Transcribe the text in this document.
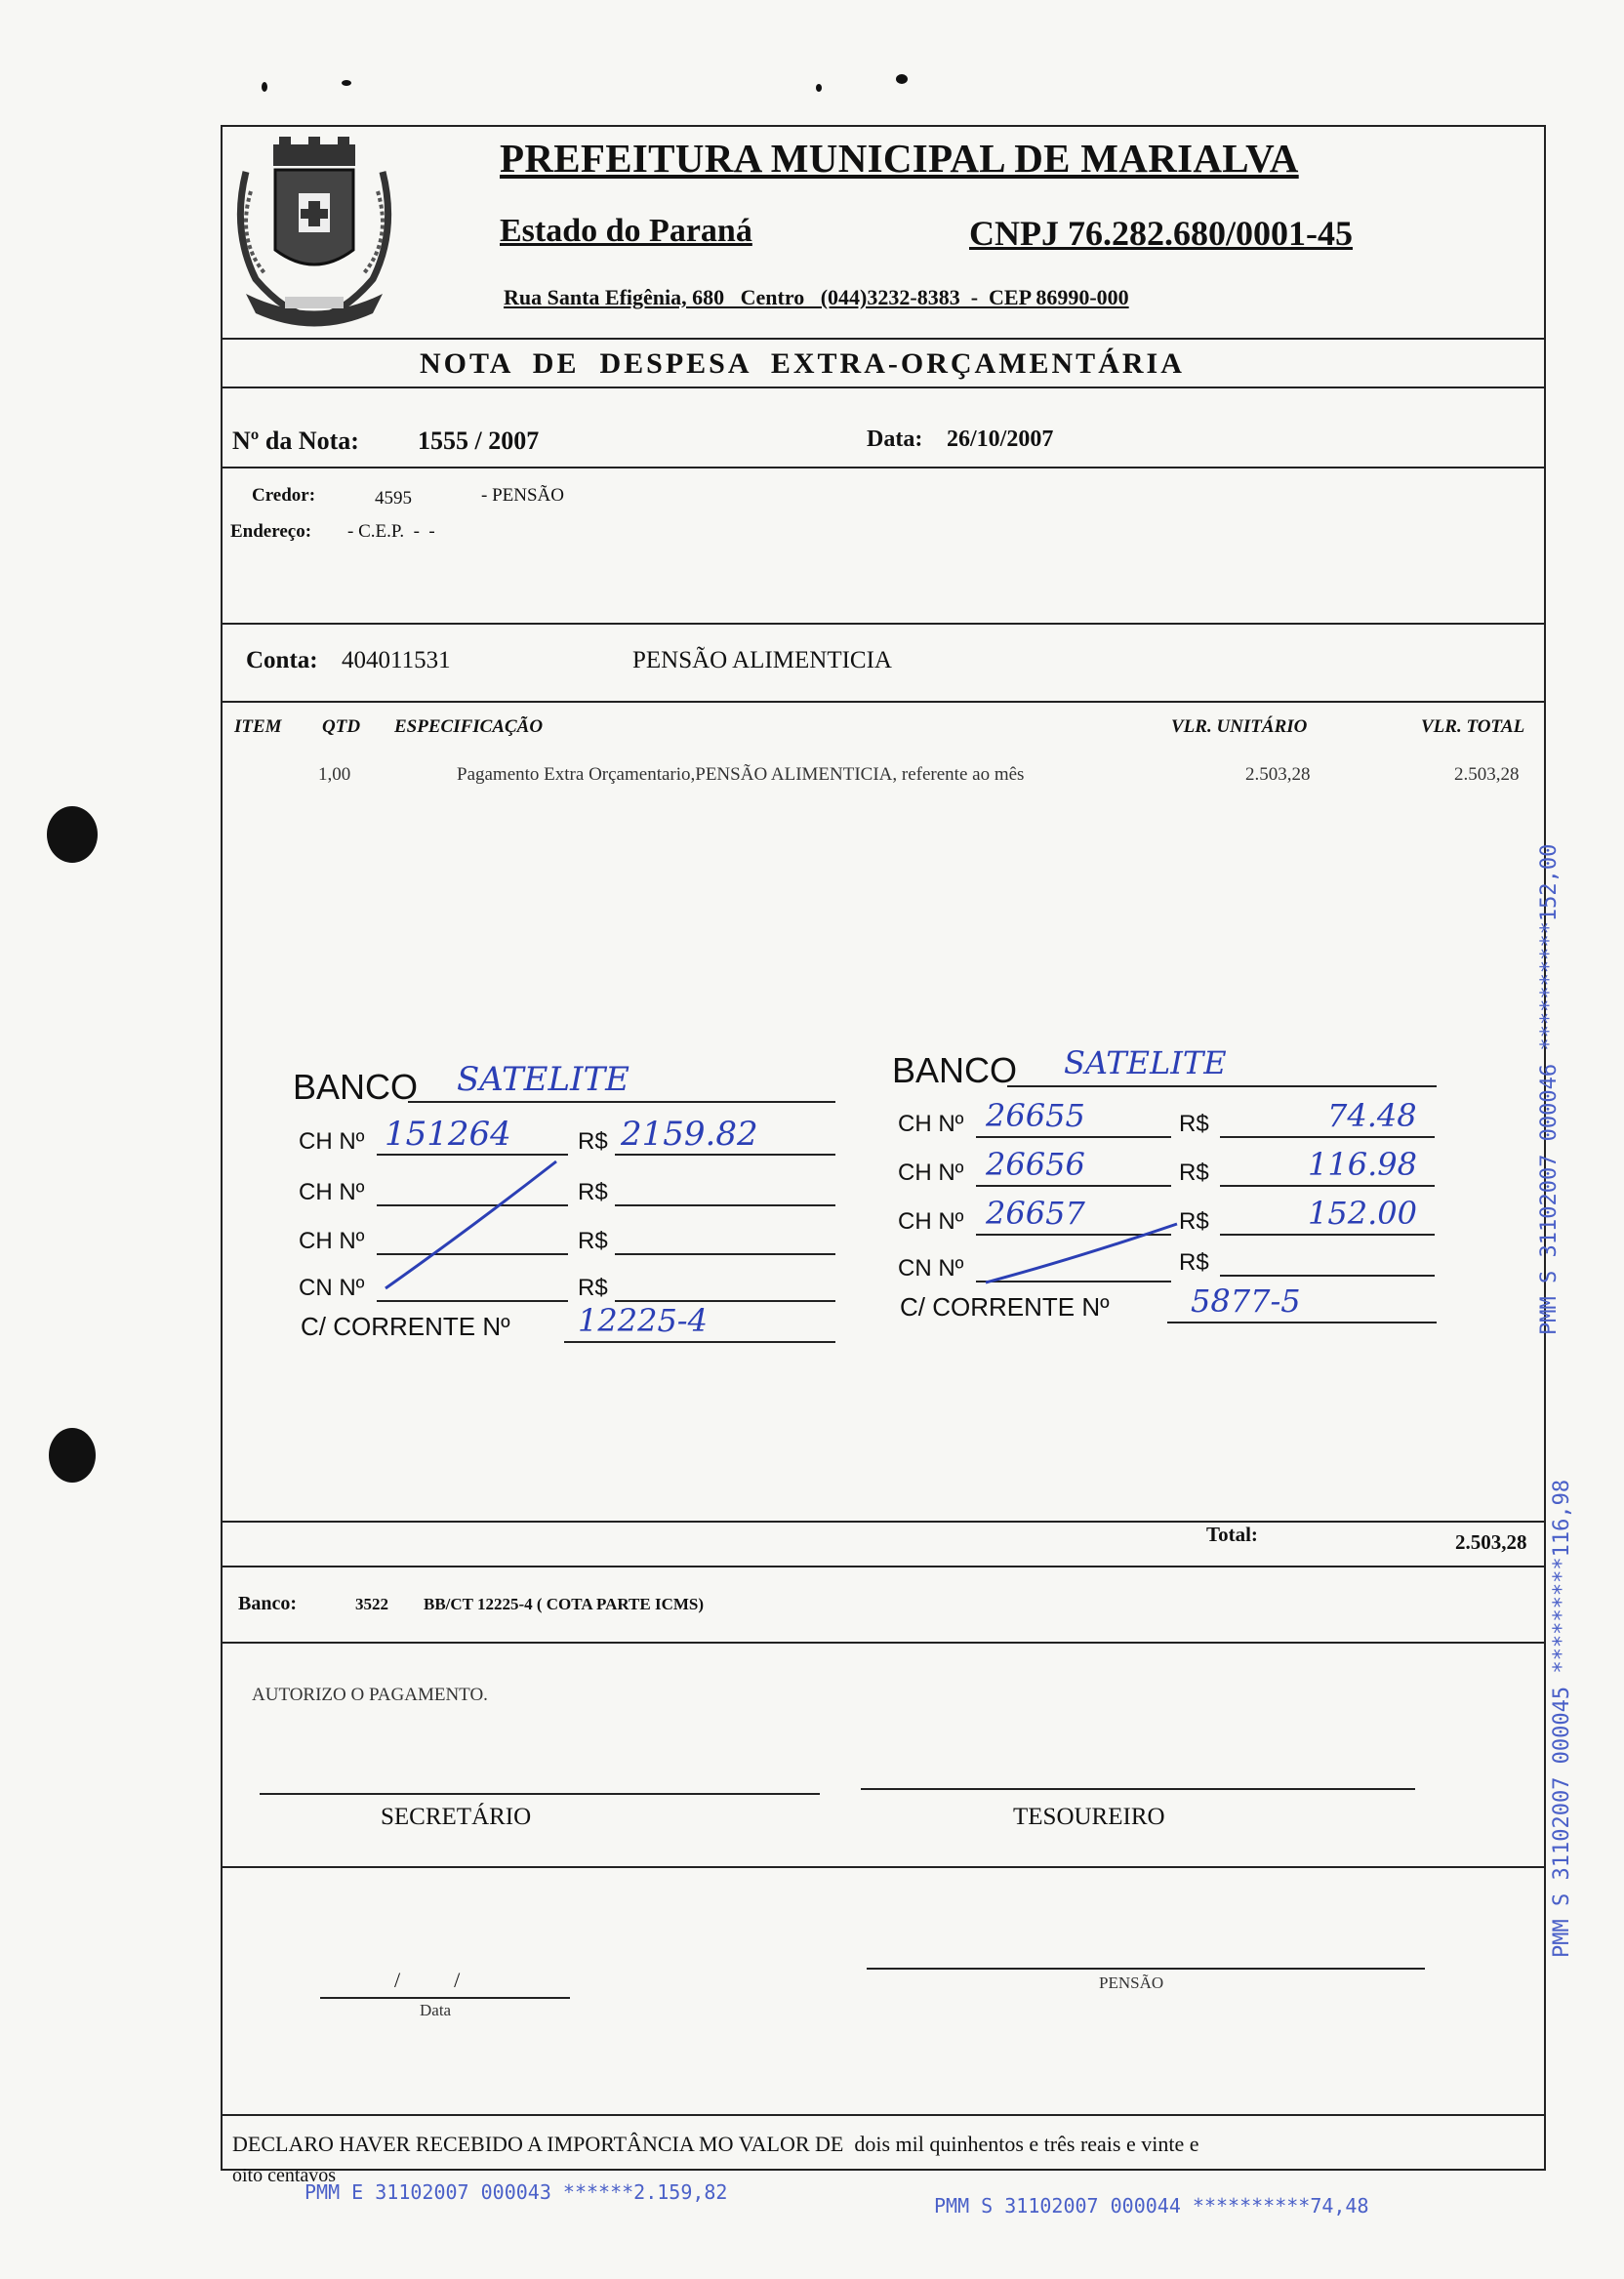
PREFEITURA MUNICIPAL DE MARIALVA
Estado do Paraná	CNPJ 76.282.680/0001-45
Rua Santa Efigênia, 680   Centro   (044)3232-8383  -  CEP 86990-000
NOTA  DE  DESPESA  EXTRA-ORÇAMENTÁRIA
Nº da Nota: 1555 / 2007	Data: 26/10/2007
Credor:	4595	- PENSÃO
Endereço: - C.E.P.  -  -
Conta: 404011531	PENSÃO ALIMENTICIA
ITEM QTD ESPECIFICAÇÃO	VLR. UNITÁRIO	VLR. TOTAL
1,00	Pagamento Extra Orçamentario,PENSÃO ALIMENTICIA, referente ao mês	2.503,28	2.503,28
BANCO SATELITE
CH Nº 151264	R$ 2159.82
CH Nº	R$
CH Nº	R$
CN Nº	R$
C/ CORRENTE Nº 12225-4
BANCO SATELITE
CH Nº 26655	R$	74.48
CH Nº 26656	R$	116.98
CH Nº 26657	R$	152.00
CN Nº	R$
C/ CORRENTE Nº	5877-5	PMM S 31102007 000046 **********152,00
PMM S 31102007 000045 *********116,98
Total:	2.503,28
Banco:	3522 BB/CT 12225-4 ( COTA PARTE ICMS)
AUTORIZO O PAGAMENTO.
SECRETÁRIO	TESOUREIRO
/          /
Data
PENSÃO
DECLARO HAVER RECEBIDO A IMPORTÂNCIA MO VALOR DE  dois mil quinhentos e três reais e vinte e
oito centavos
PMM E 31102007 000043 ******2.159,82
PMM S 31102007 000044 **********74,48
